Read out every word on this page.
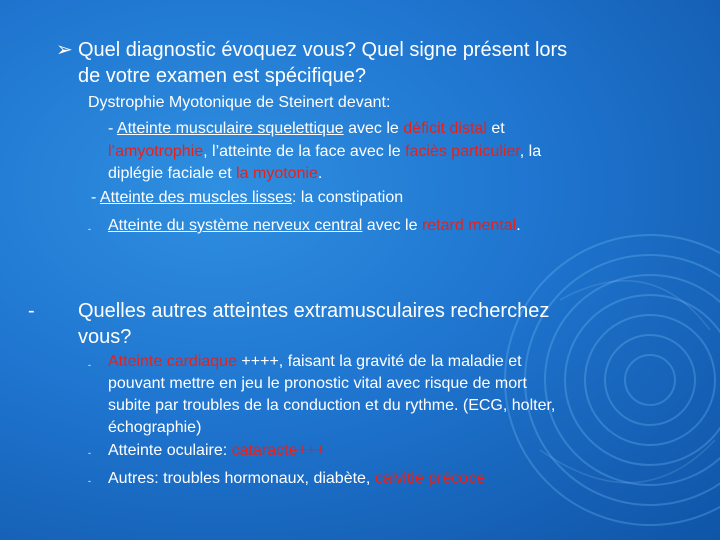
➢ Quel diagnostic évoquez vous? Quel signe présent lors
de votre examen est spécifique?
Dystrophie Myotonique de Steinert devant:
- Atteinte musculaire squelettique avec le déficit distal et
l’amyotrophie, l’atteinte de la face avec le faciès particulier, la
diplégie faciale et la myotonie.
- Atteinte des muscles lisses: la constipation
- Atteinte du système nerveux central avec le retard mental.
- Quelles autres atteintes extramusculaires recherchez
vous?
- Atteinte cardiaque ++++, faisant la gravité de la maladie et
pouvant mettre en jeu le pronostic vital avec risque de mort
subite par troubles de la conduction et du rythme. (ECG, holter,
échographie)
- Atteinte oculaire: cataracte+++
- Autres: troubles hormonaux, diabète, calvitie précoce
